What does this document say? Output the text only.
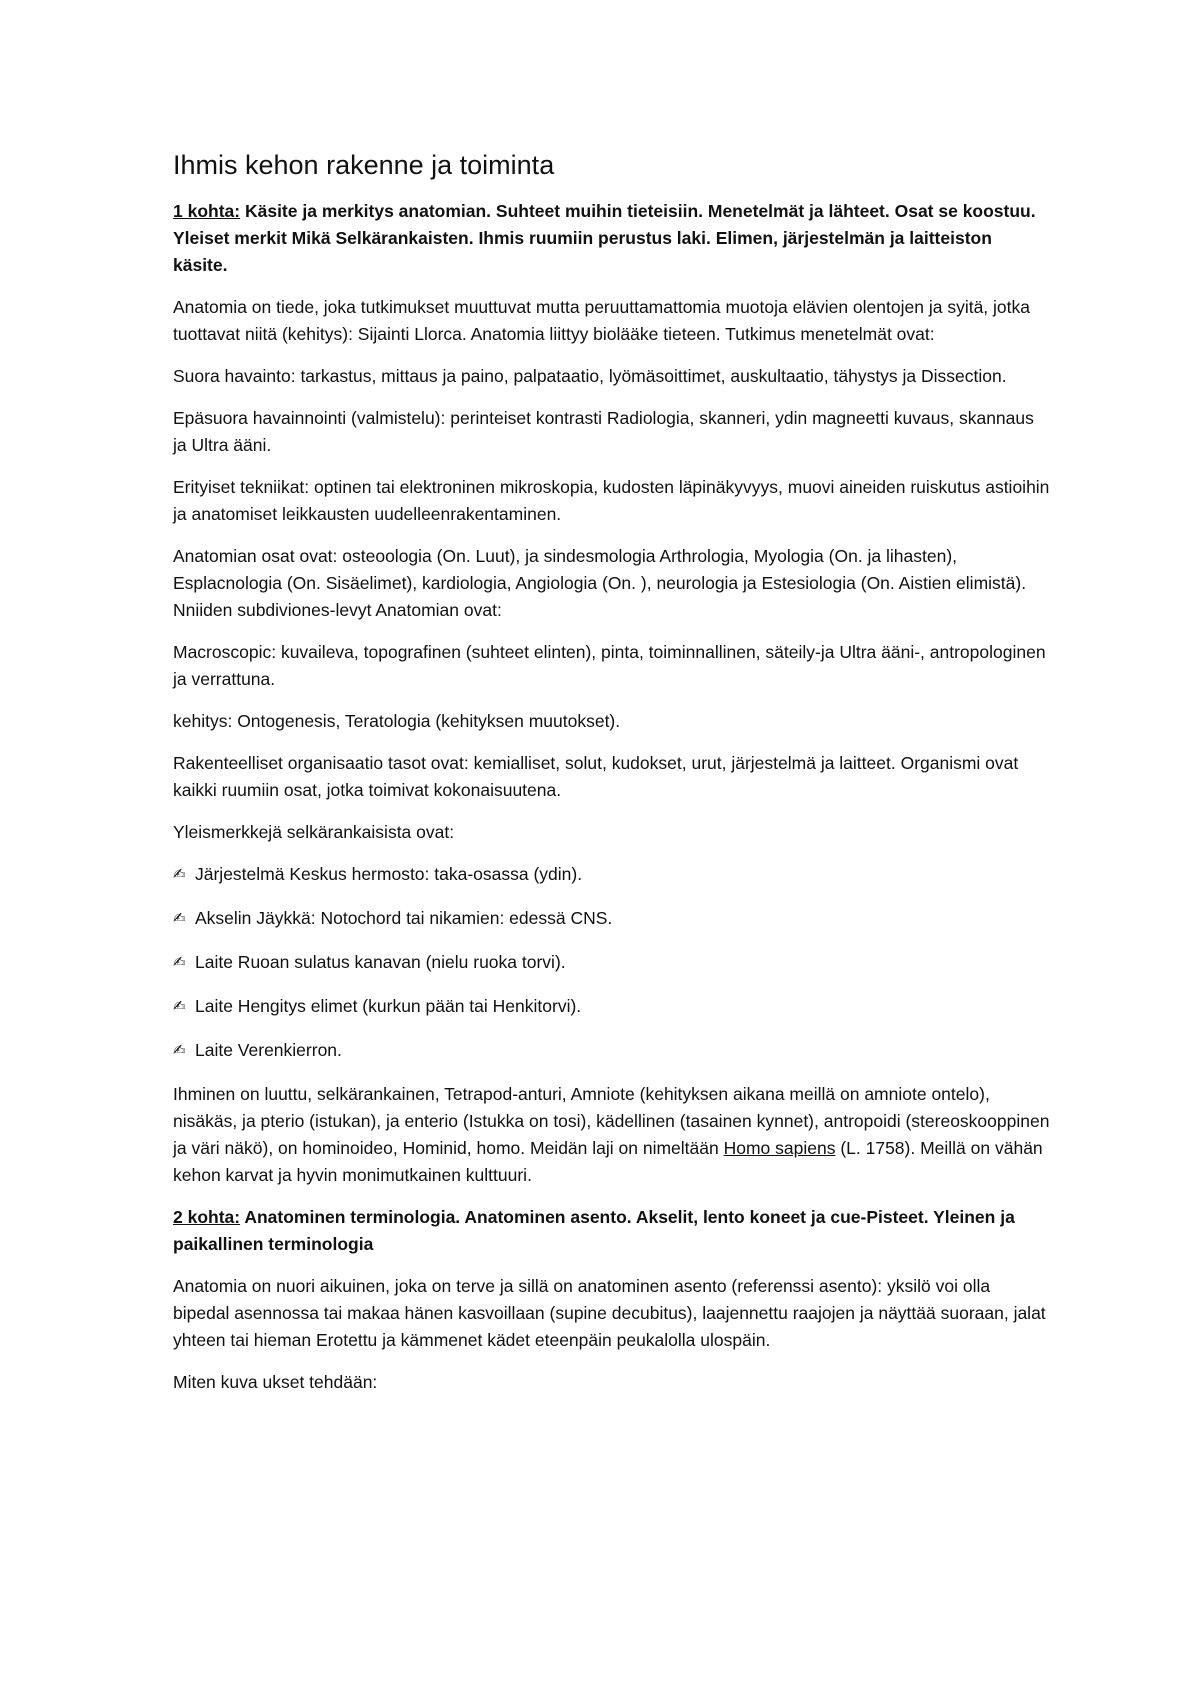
Ihmis kehon rakenne ja toiminta

1 kohta: Käsite ja merkitys anatomian. Suhteet muihin tieteisiin. Menetelmät ja lähteet. Osat se koostuu. Yleiset merkit Mikä Selkärankaisten. Ihmis ruumiin perustus laki. Elimen, järjestelmän ja laitteiston käsite.

Anatomia on tiede, joka tutkimukset muuttuvat mutta peruuttamattomia muotoja elävien olentojen ja syitä, jotka tuottavat niitä (kehitys): Sijainti Llorca. Anatomia liittyy biolääke tieteen. Tutkimus menetelmät ovat:

Suora havainto: tarkastus, mittaus ja paino, palpataatio, lyömäsoittimet, auskultaatio, tähystys ja Dissection.

Epäsuora havainnointi (valmistelu): perinteiset kontrasti Radiologia, skanneri, ydin magneetti kuvaus, skannaus ja Ultra ääni.

Erityiset tekniikat: optinen tai elektroninen mikroskopia, kudosten läpinäkyvyys, muovi aineiden ruiskutus astioihin ja anatomiset leikkausten uudelleenrakentaminen.

Anatomian osat ovat: osteoologia (On. Luut), ja sindesmologia Arthrologia, Myologia (On. ja lihasten), Esplacnologia (On. Sisäelimet), kardiologia, Angiologia (On. ), neurologia ja Estesiologia (On. Aistien elimistä). Nniiden subdiviones-levyt Anatomian ovat:

Macroscopic: kuvaileva, topografinen (suhteet elinten), pinta, toiminnallinen, säteily-ja Ultra ääni-, antropologinen ja verrattuna.

kehitys: Ontogenesis, Teratologia (kehityksen muutokset).

Rakenteelliset organisaatio tasot ovat: kemialliset, solut, kudokset, urut, järjestelmä ja laitteet. Organismi ovat kaikki ruumiin osat, jotka toimivat kokonaisuutena.

Yleismerkkejä selkärankaisista ovat:

✍ Järjestelmä Keskus hermosto: taka-osassa (ydin).
✍ Akselin Jäykkä: Notochord tai nikamien: edessä CNS.
✍ Laite Ruoan sulatus kanavan (nielu ruoka torvi).
✍ Laite Hengitys elimet (kurkun pään tai Henkitorvi).
✍ Laite Verenkierron.

Ihminen on luuttu, selkärankainen, Tetrapod-anturi, Amniote (kehityksen aikana meillä on amniote ontelo), nisäkäs, ja pterio (istukan), ja enterio (Istukka on tosi), kädellinen (tasainen kynnet), antropoidi (stereoskooppinen ja väri näkö), on hominoideo, Hominid, homo. Meidän laji on nimeltään Homo sapiens (L. 1758). Meillä on vähän kehon karvat ja hyvin monimutkainen kulttuuri.

2 kohta: Anatominen terminologia. Anatominen asento. Akselit, lento koneet ja cue-Pisteet. Yleinen ja paikallinen terminologia

Anatomia on nuori aikuinen, joka on terve ja sillä on anatominen asento (referenssi asento): yksilö voi olla bipedal asennossa tai makaa hänen kasvoillaan (supine decubitus), laajennettu raajojen ja näyttää suoraan, jalat yhteen tai hieman Erotettu ja kämmenet kädet eteenpäin peukalolla ulospäin.

Miten kuva ukset tehdään:
